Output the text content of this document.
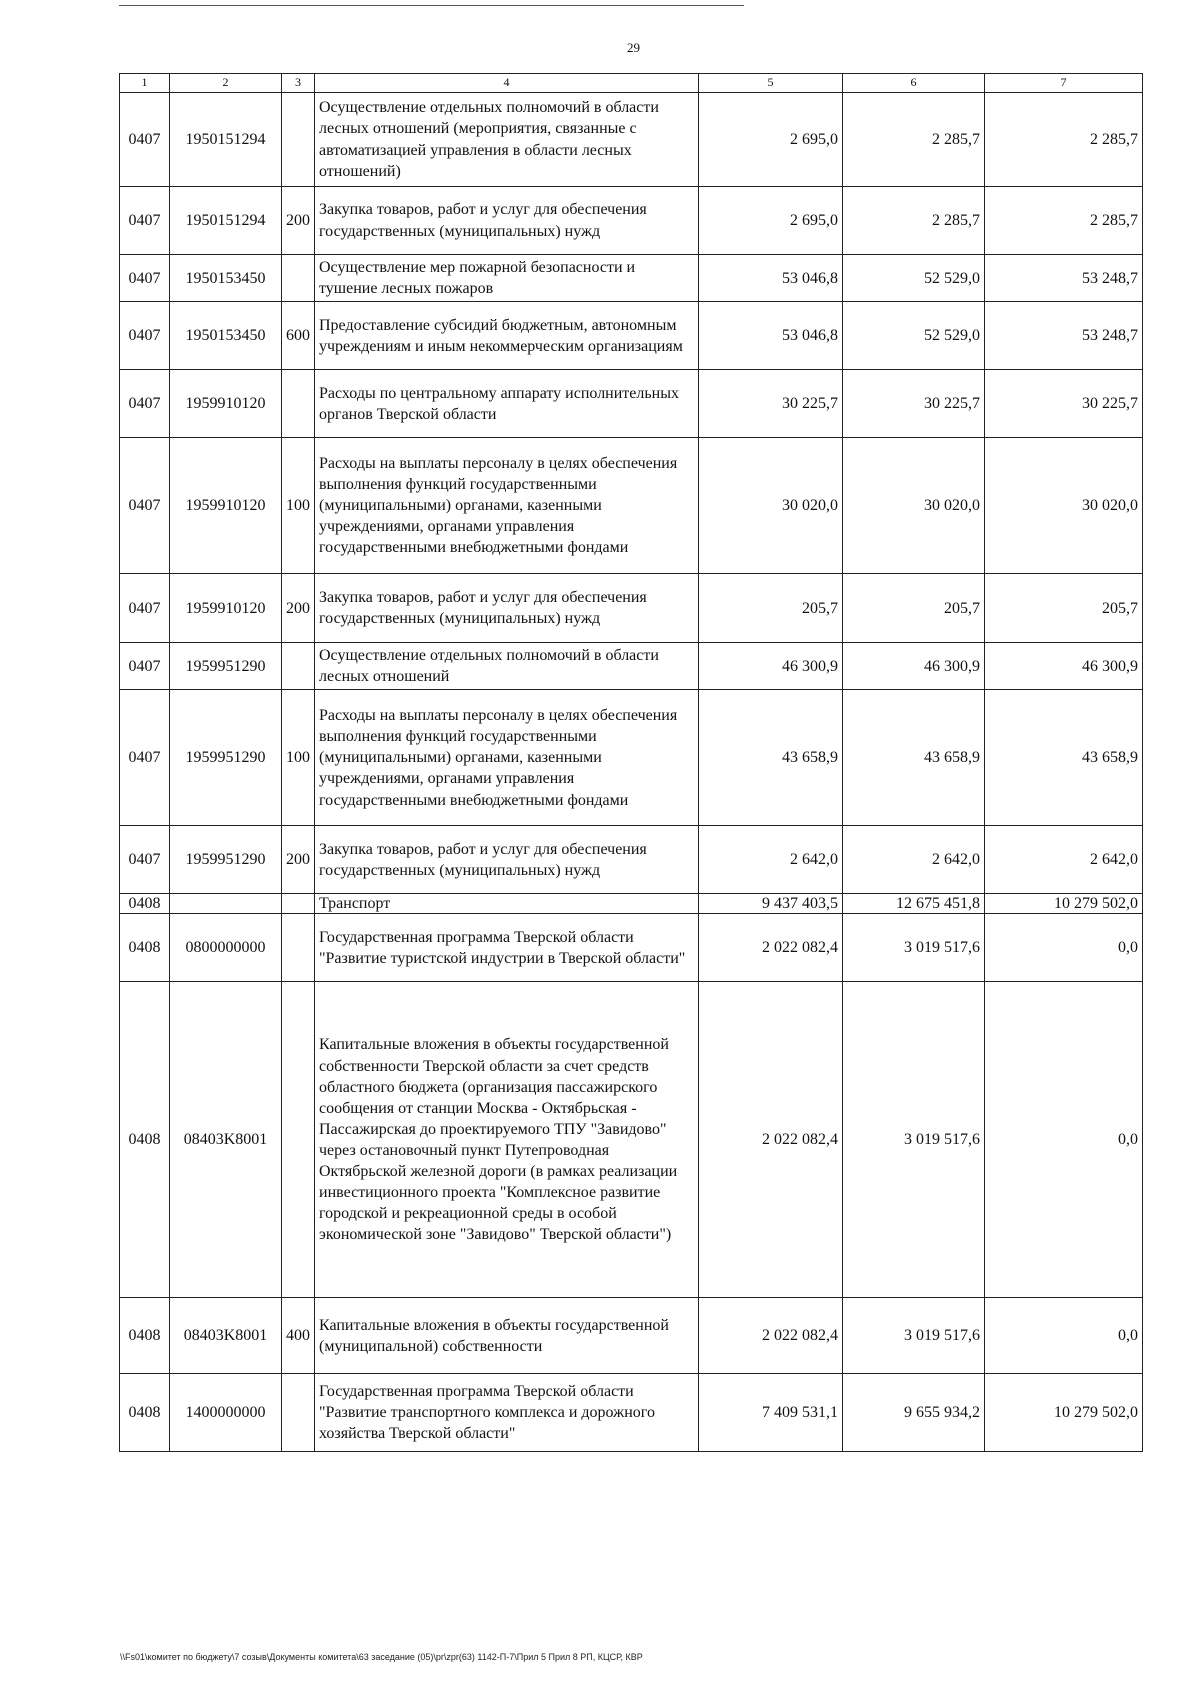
29
1	2	3	4	5	6	7
0407	1950151294		Осуществление отдельных полномочий в области лесных отношений (мероприятия, связанные с автоматизацией управления в области лесных отношений)	2 695,0	2 285,7	2 285,7
0407	1950151294	200	Закупка товаров, работ и услуг для обеспечения государственных (муниципальных) нужд	2 695,0	2 285,7	2 285,7
0407	1950153450		Осуществление мер пожарной безопасности и тушение лесных пожаров	53 046,8	52 529,0	53 248,7
0407	1950153450	600	Предоставление субсидий бюджетным, автономным учреждениям и иным некоммерческим организациям	53 046,8	52 529,0	53 248,7
0407	1959910120		Расходы по центральному аппарату исполнительных органов Тверской области	30 225,7	30 225,7	30 225,7
0407	1959910120	100	Расходы на выплаты персоналу в целях обеспечения выполнения функций государственными (муниципальными) органами, казенными учреждениями, органами управления государственными внебюджетными фондами	30 020,0	30 020,0	30 020,0
0407	1959910120	200	Закупка товаров, работ и услуг для обеспечения государственных (муниципальных) нужд	205,7	205,7	205,7
0407	1959951290		Осуществление отдельных полномочий в области лесных отношений	46 300,9	46 300,9	46 300,9
0407	1959951290	100	Расходы на выплаты персоналу в целях обеспечения выполнения функций государственными (муниципальными) органами, казенными учреждениями, органами управления государственными внебюджетными фондами	43 658,9	43 658,9	43 658,9
0407	1959951290	200	Закупка товаров, работ и услуг для обеспечения государственных (муниципальных) нужд	2 642,0	2 642,0	2 642,0
0408			Транспорт	9 437 403,5	12 675 451,8	10 279 502,0
0408	0800000000		Государственная программа Тверской области "Развитие туристской индустрии в Тверской области"	2 022 082,4	3 019 517,6	0,0
0408	08403K8001		Капитальные вложения в объекты государственной собственности Тверской области за счет средств областного бюджета (организация пассажирского сообщения от станции Москва - Октябрьская - Пассажирская до проектируемого ТПУ "Завидово" через остановочный пункт Путепроводная Октябрьской железной дороги (в рамках реализации инвестиционного проекта "Комплексное развитие городской и рекреационной среды в особой экономической зоне "Завидово" Тверской области")	2 022 082,4	3 019 517,6	0,0
0408	08403K8001	400	Капитальные вложения в объекты государственной (муниципальной) собственности	2 022 082,4	3 019 517,6	0,0
0408	1400000000		Государственная программа Тверской области "Развитие транспортного комплекса и дорожного хозяйства Тверской области"	7 409 531,1	9 655 934,2	10 279 502,0
\\Fs01\комитет по бюджету\7 созыв\Документы комитета\63 заседание (05)\pr\zpr(63) 1142-П-7\Прил 5 Прил 8 РП, КЦСР, КВР
